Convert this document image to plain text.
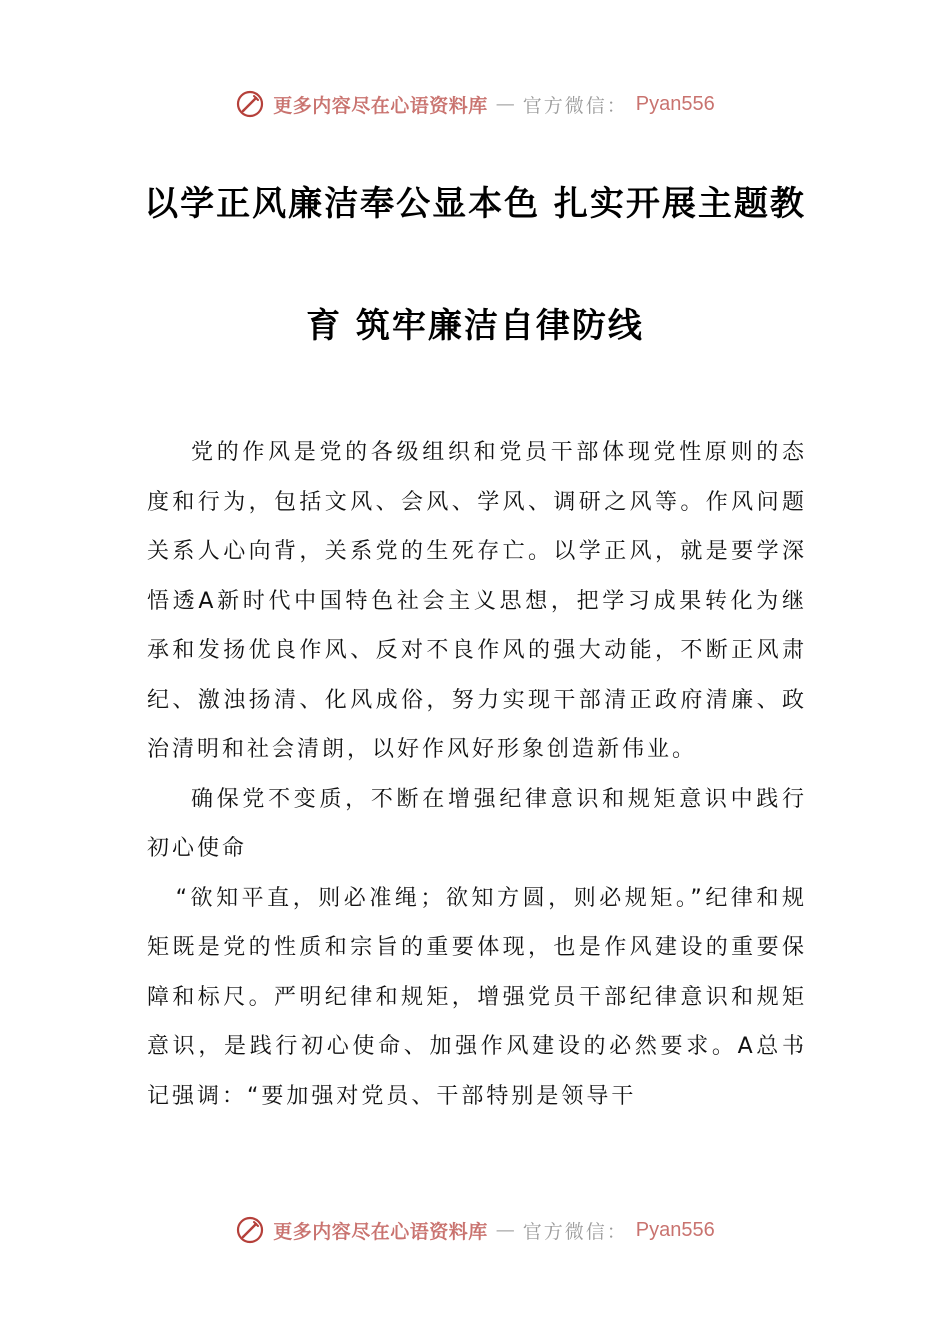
更多内容尽在心语资料库 — 官方微信： Pyan556
以学正风廉洁奉公显本色 扎实开展主题教
育 筑牢廉洁自律防线

党的作风是党的各级组织和党员干部体现党性原则的态度和行为，包括文风、会风、学风、调研之风等。作风问题关系人心向背，关系党的生死存亡。以学正风，就是要学深悟透A新时代中国特色社会主义思想，把学习成果转化为继承和发扬优良作风、反对不良作风的强大动能，不断正风肃纪、激浊扬清、化风成俗，努力实现干部清正政府清廉、政治清明和社会清朗，以好作风好形象创造新伟业。

确保党不变质，不断在增强纪律意识和规矩意识中践行初心使命

“欲知平直，则必准绳；欲知方圆，则必规矩。”纪律和规矩既是党的性质和宗旨的重要体现，也是作风建设的重要保障和标尺。严明纪律和规矩，增强党员干部纪律意识和规矩意识，是践行初心使命、加强作风建设的必然要求。A总书记强调：“要加强对党员、干部特别是领导干

更多内容尽在心语资料库 — 官方微信： Pyan556
